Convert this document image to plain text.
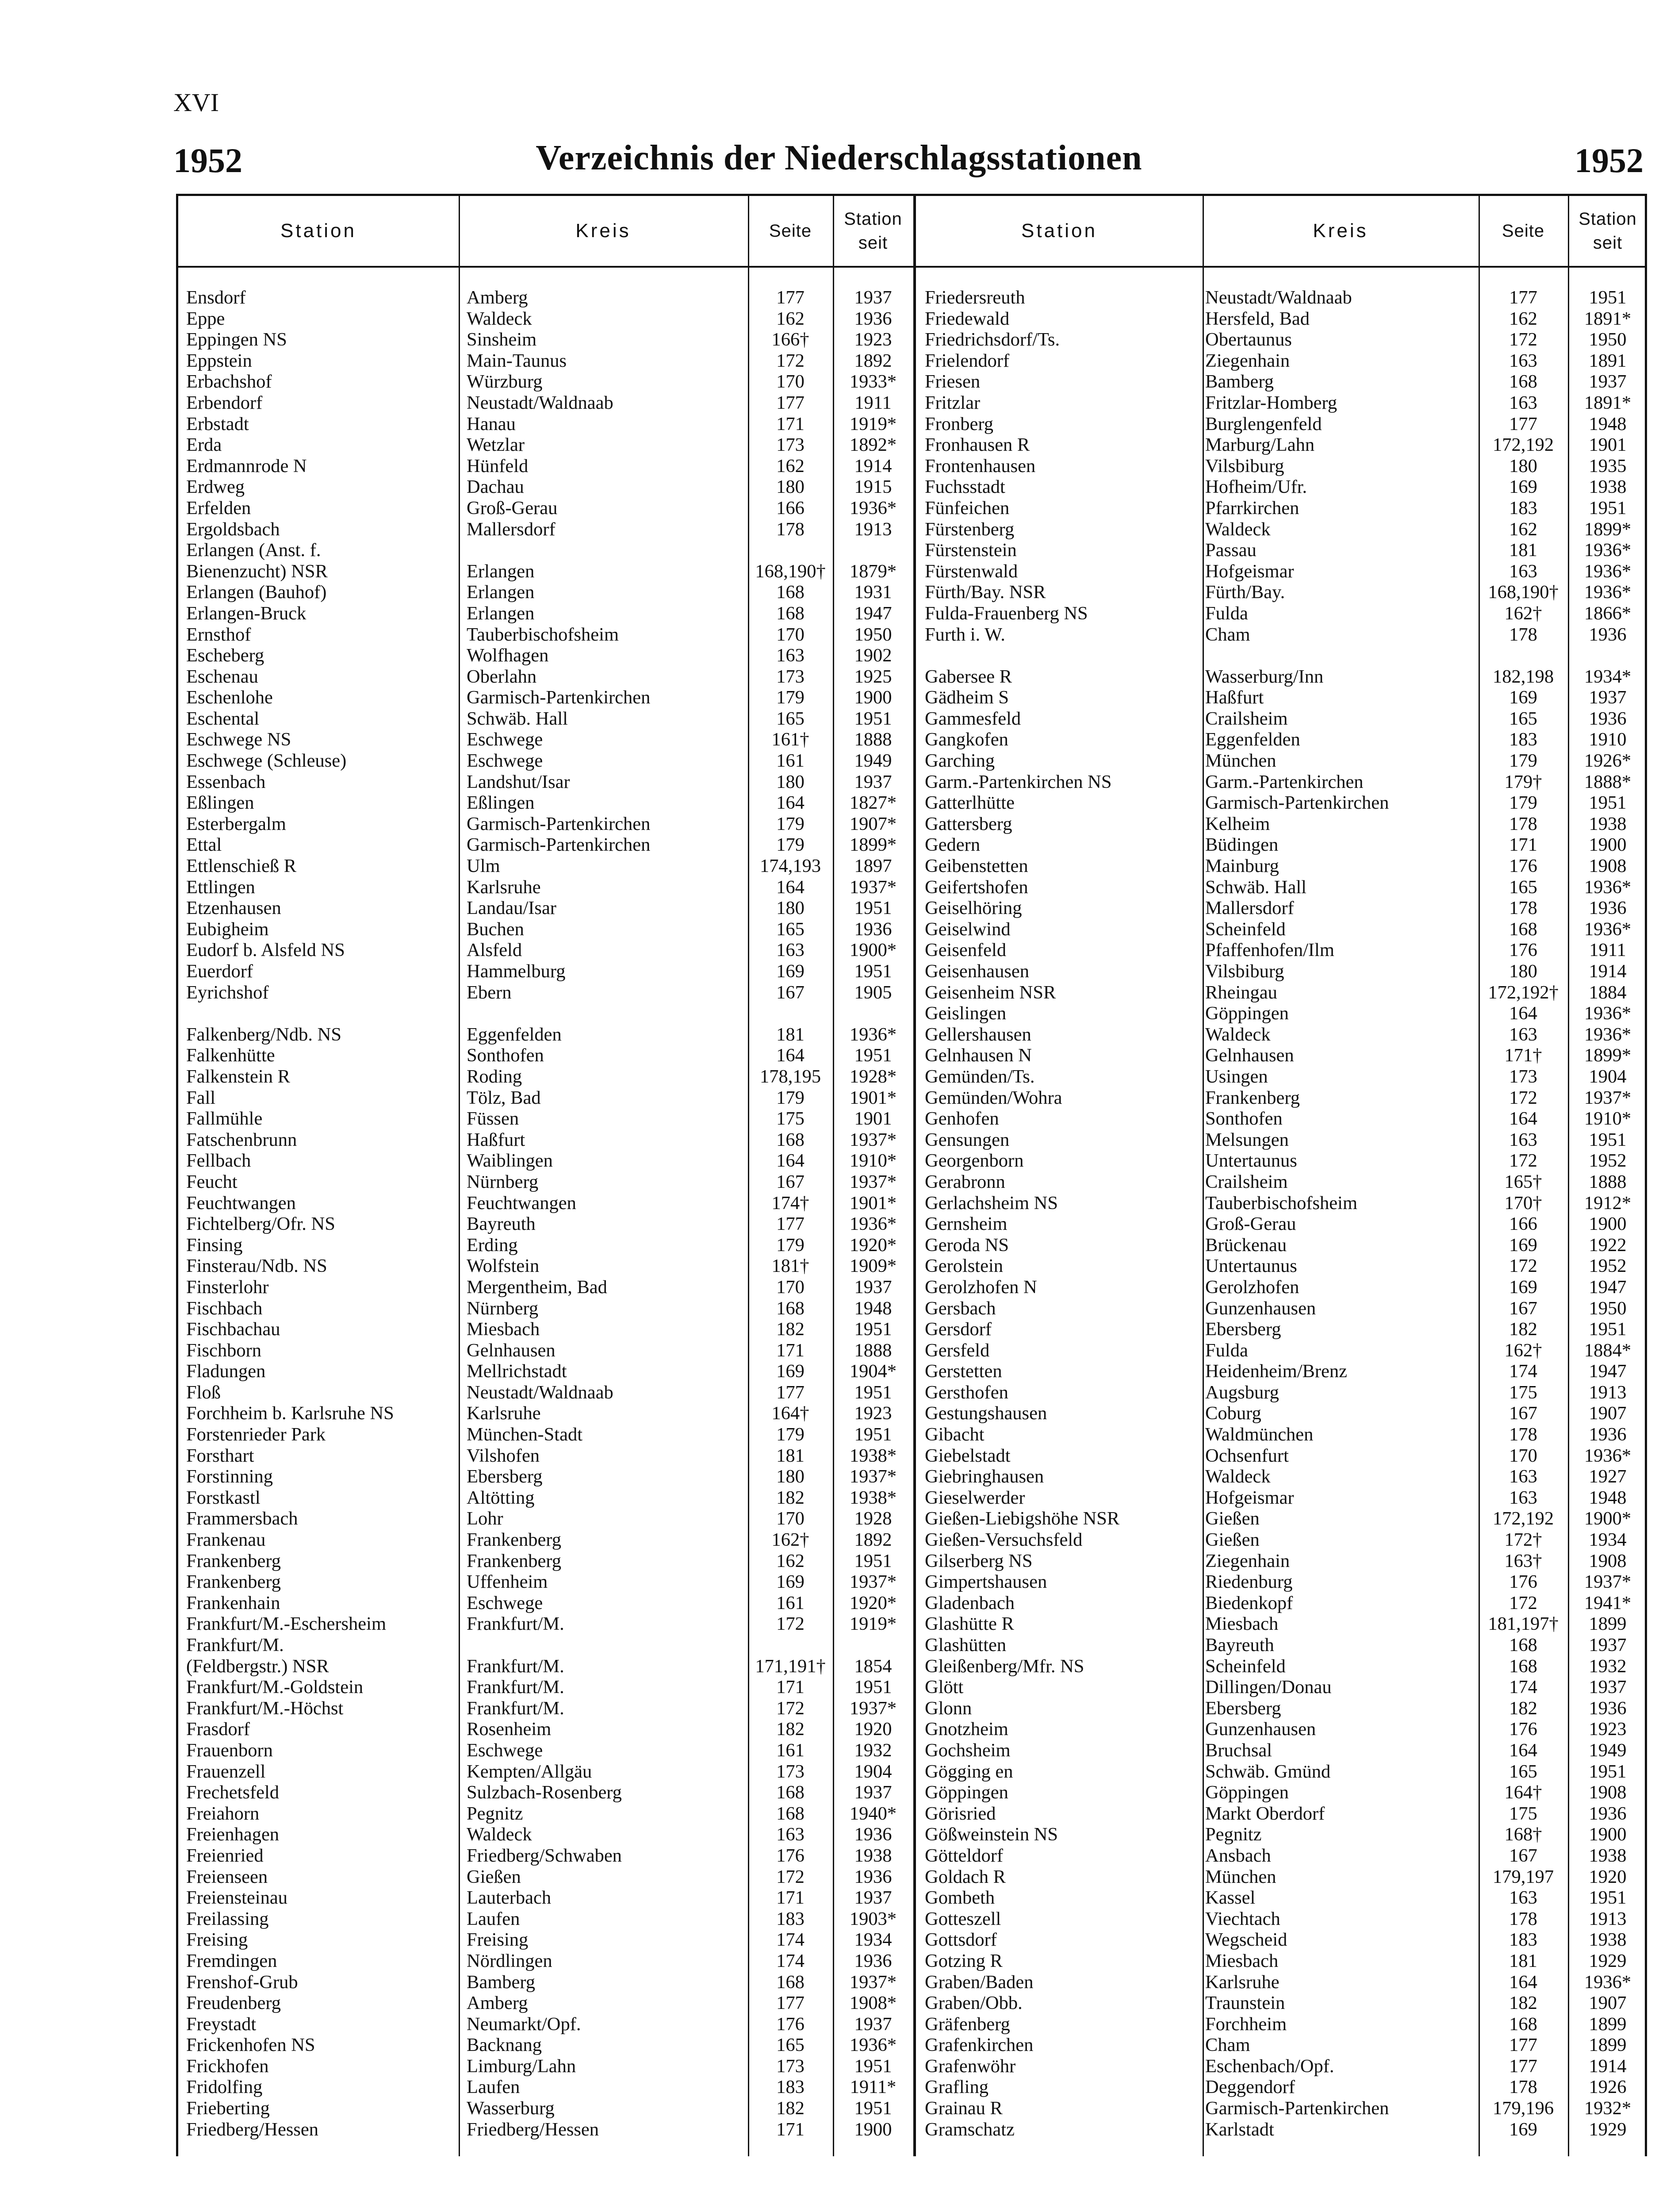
XVI
1952	Verzeichnis der Niederschlagsstationen	1952
Station	Kreis	Seite
Station
seit
Station	Kreis	Seite
Station
seit
Ensdorf	Amberg	177	1937
Eppe	Waldeck	162	1936
Eppingen NS	Sinsheim	166†	1923
Eppstein	Main-Taunus	172	1892
Erbachshof	Würzburg	170	1933*
Erbendorf	Neustadt/Waldnaab	177	1911
Erbstadt	Hanau	171	1919*
Erda	Wetzlar	173	1892*
Erdmannrode N	Hünfeld	162	1914
Erdweg	Dachau	180	1915
Erfelden	Groß-Gerau	166	1936*
Ergoldsbach	Mallersdorf	178	1913
Erlangen (Anst. f.
Bienenzucht) NSR	Erlangen	168,190†	1879*
Erlangen (Bauhof)	Erlangen	168	1931
Erlangen-Bruck	Erlangen	168	1947
Ernsthof	Tauberbischofsheim	170	1950
Escheberg	Wolfhagen	163	1902
Eschenau	Oberlahn	173	1925
Eschenlohe	Garmisch-Partenkirchen	179	1900
Eschental	Schwäb. Hall	165	1951
Eschwege NS	Eschwege	161†	1888
Eschwege (Schleuse)	Eschwege	161	1949
Essenbach	Landshut/Isar	180	1937
Eßlingen	Eßlingen	164	1827*
Esterbergalm	Garmisch-Partenkirchen	179	1907*
Ettal	Garmisch-Partenkirchen	179	1899*
Ettlenschieß R	Ulm	174,193	1897
Ettlingen	Karlsruhe	164	1937*
Etzenhausen	Landau/Isar	180	1951
Eubigheim	Buchen	165	1936
Eudorf b. Alsfeld NS	Alsfeld	163	1900*
Euerdorf	Hammelburg	169	1951
Eyrichshof	Ebern	167	1905
Falkenberg/Ndb. NS	Eggenfelden	181	1936*
Falkenhütte	Sonthofen	164	1951
Falkenstein R	Roding	178,195	1928*
Fall	Tölz, Bad	179	1901*
Fallmühle	Füssen	175	1901
Fatschenbrunn	Haßfurt	168	1937*
Fellbach	Waiblingen	164	1910*
Feucht	Nürnberg	167	1937*
Feuchtwangen	Feuchtwangen	174†	1901*
Fichtelberg/Ofr. NS	Bayreuth	177	1936*
Finsing	Erding	179	1920*
Finsterau/Ndb. NS	Wolfstein	181†	1909*
Finsterlohr	Mergentheim, Bad	170	1937
Fischbach	Nürnberg	168	1948
Fischbachau	Miesbach	182	1951
Fischborn	Gelnhausen	171	1888
Fladungen	Mellrichstadt	169	1904*
Floß	Neustadt/Waldnaab	177	1951
Forchheim b. Karlsruhe NS	Karlsruhe	164†	1923
Forstenrieder Park	München-Stadt	179	1951
Forsthart	Vilshofen	181	1938*
Forstinning	Ebersberg	180	1937*
Forstkastl	Altötting	182	1938*
Frammersbach	Lohr	170	1928
Frankenau	Frankenberg	162†	1892
Frankenberg	Frankenberg	162	1951
Frankenberg	Uffenheim	169	1937*
Frankenhain	Eschwege	161	1920*
Frankfurt/M.-Eschersheim	Frankfurt/M.	172	1919*
Frankfurt/M.
(Feldbergstr.) NSR	Frankfurt/M.	171,191†	1854
Frankfurt/M.-Goldstein	Frankfurt/M.	171	1951
Frankfurt/M.-Höchst	Frankfurt/M.	172	1937*
Frasdorf	Rosenheim	182	1920
Frauenborn	Eschwege	161	1932
Frauenzell	Kempten/Allgäu	173	1904
Frechetsfeld	Sulzbach-Rosenberg	168	1937
Freiahorn	Pegnitz	168	1940*
Freienhagen	Waldeck	163	1936
Freienried	Friedberg/Schwaben	176	1938
Freienseen	Gießen	172	1936
Freiensteinau	Lauterbach	171	1937
Freilassing	Laufen	183	1903*
Freising	Freising	174	1934
Fremdingen	Nördlingen	174	1936
Frenshof-Grub	Bamberg	168	1937*
Freudenberg	Amberg	177	1908*
Freystadt	Neumarkt/Opf.	176	1937
Frickenhofen NS	Backnang	165	1936*
Frickhofen	Limburg/Lahn	173	1951
Fridolfing	Laufen	183	1911*
Frieberting	Wasserburg	182	1951
Friedberg/Hessen	Friedberg/Hessen	171	1900
Friedersreuth	Neustadt/Waldnaab	177	1951
Friedewald	Hersfeld, Bad	162	1891*
Friedrichsdorf/Ts.	Obertaunus	172	1950
Frielendorf	Ziegenhain	163	1891
Friesen	Bamberg	168	1937
Fritzlar	Fritzlar-Homberg	163	1891*
Fronberg	Burglengenfeld	177	1948
Fronhausen R	Marburg/Lahn	172,192	1901
Frontenhausen	Vilsbiburg	180	1935
Fuchsstadt	Hofheim/Ufr.	169	1938
Fünfeichen	Pfarrkirchen	183	1951
Fürstenberg	Waldeck	162	1899*
Fürstenstein	Passau	181	1936*
Fürstenwald	Hofgeismar	163	1936*
Fürth/Bay. NSR	Fürth/Bay.	168,190†	1936*
Fulda-Frauenberg NS	Fulda	162†	1866*
Furth i. W.	Cham	178	1936
Gabersee R	Wasserburg/Inn	182,198	1934*
Gädheim S	Haßfurt	169	1937
Gammesfeld	Crailsheim	165	1936
Gangkofen	Eggenfelden	183	1910
Garching	München	179	1926*
Garm.-Partenkirchen NS	Garm.-Partenkirchen	179†	1888*
Gatterlhütte	Garmisch-Partenkirchen	179	1951
Gattersberg	Kelheim	178	1938
Gedern	Büdingen	171	1900
Geibenstetten	Mainburg	176	1908
Geifertshofen	Schwäb. Hall	165	1936*
Geiselhöring	Mallersdorf	178	1936
Geiselwind	Scheinfeld	168	1936*
Geisenfeld	Pfaffenhofen/Ilm	176	1911
Geisenhausen	Vilsbiburg	180	1914
Geisenheim NSR	Rheingau	172,192†	1884
Geislingen	Göppingen	164	1936*
Gellershausen	Waldeck	163	1936*
Gelnhausen N	Gelnhausen	171†	1899*
Gemünden/Ts.	Usingen	173	1904
Gemünden/Wohra	Frankenberg	172	1937*
Genhofen	Sonthofen	164	1910*
Gensungen	Melsungen	163	1951
Georgenborn	Untertaunus	172	1952
Gerabronn	Crailsheim	165†	1888
Gerlachsheim NS	Tauberbischofsheim	170†	1912*
Gernsheim	Groß-Gerau	166	1900
Geroda NS	Brückenau	169	1922
Gerolstein	Untertaunus	172	1952
Gerolzhofen N	Gerolzhofen	169	1947
Gersbach	Gunzenhausen	167	1950
Gersdorf	Ebersberg	182	1951
Gersfeld	Fulda	162†	1884*
Gerstetten	Heidenheim/Brenz	174	1947
Gersthofen	Augsburg	175	1913
Gestungshausen	Coburg	167	1907
Gibacht	Waldmünchen	178	1936
Giebelstadt	Ochsenfurt	170	1936*
Giebringhausen	Waldeck	163	1927
Gieselwerder	Hofgeismar	163	1948
Gießen-Liebigshöhe NSR	Gießen	172,192	1900*
Gießen-Versuchsfeld	Gießen	172†	1934
Gilserberg NS	Ziegenhain	163†	1908
Gimpertshausen	Riedenburg	176	1937*
Gladenbach	Biedenkopf	172	1941*
Glashütte R	Miesbach	181,197†	1899
Glashütten	Bayreuth	168	1937
Gleißenberg/Mfr. NS	Scheinfeld	168	1932
Glött	Dillingen/Donau	174	1937
Glonn	Ebersberg	182	1936
Gnotzheim	Gunzenhausen	176	1923
Gochsheim	Bruchsal	164	1949
Gögging en	Schwäb. Gmünd	165	1951
Göppingen	Göppingen	164†	1908
Görisried	Markt Oberdorf	175	1936
Gößweinstein NS	Pegnitz	168†	1900
Götteldorf	Ansbach	167	1938
Goldach R	München	179,197	1920
Gombeth	Kassel	163	1951
Gotteszell	Viechtach	178	1913
Gottsdorf	Wegscheid	183	1938
Gotzing R	Miesbach	181	1929
Graben/Baden	Karlsruhe	164	1936*
Graben/Obb.	Traunstein	182	1907
Gräfenberg	Forchheim	168	1899
Grafenkirchen	Cham	177	1899
Grafenwöhr	Eschenbach/Opf.	177	1914
Grafling	Deggendorf	178	1926
Grainau R	Garmisch-Partenkirchen	179,196	1932*
Gramschatz	Karlstadt	169	1929
